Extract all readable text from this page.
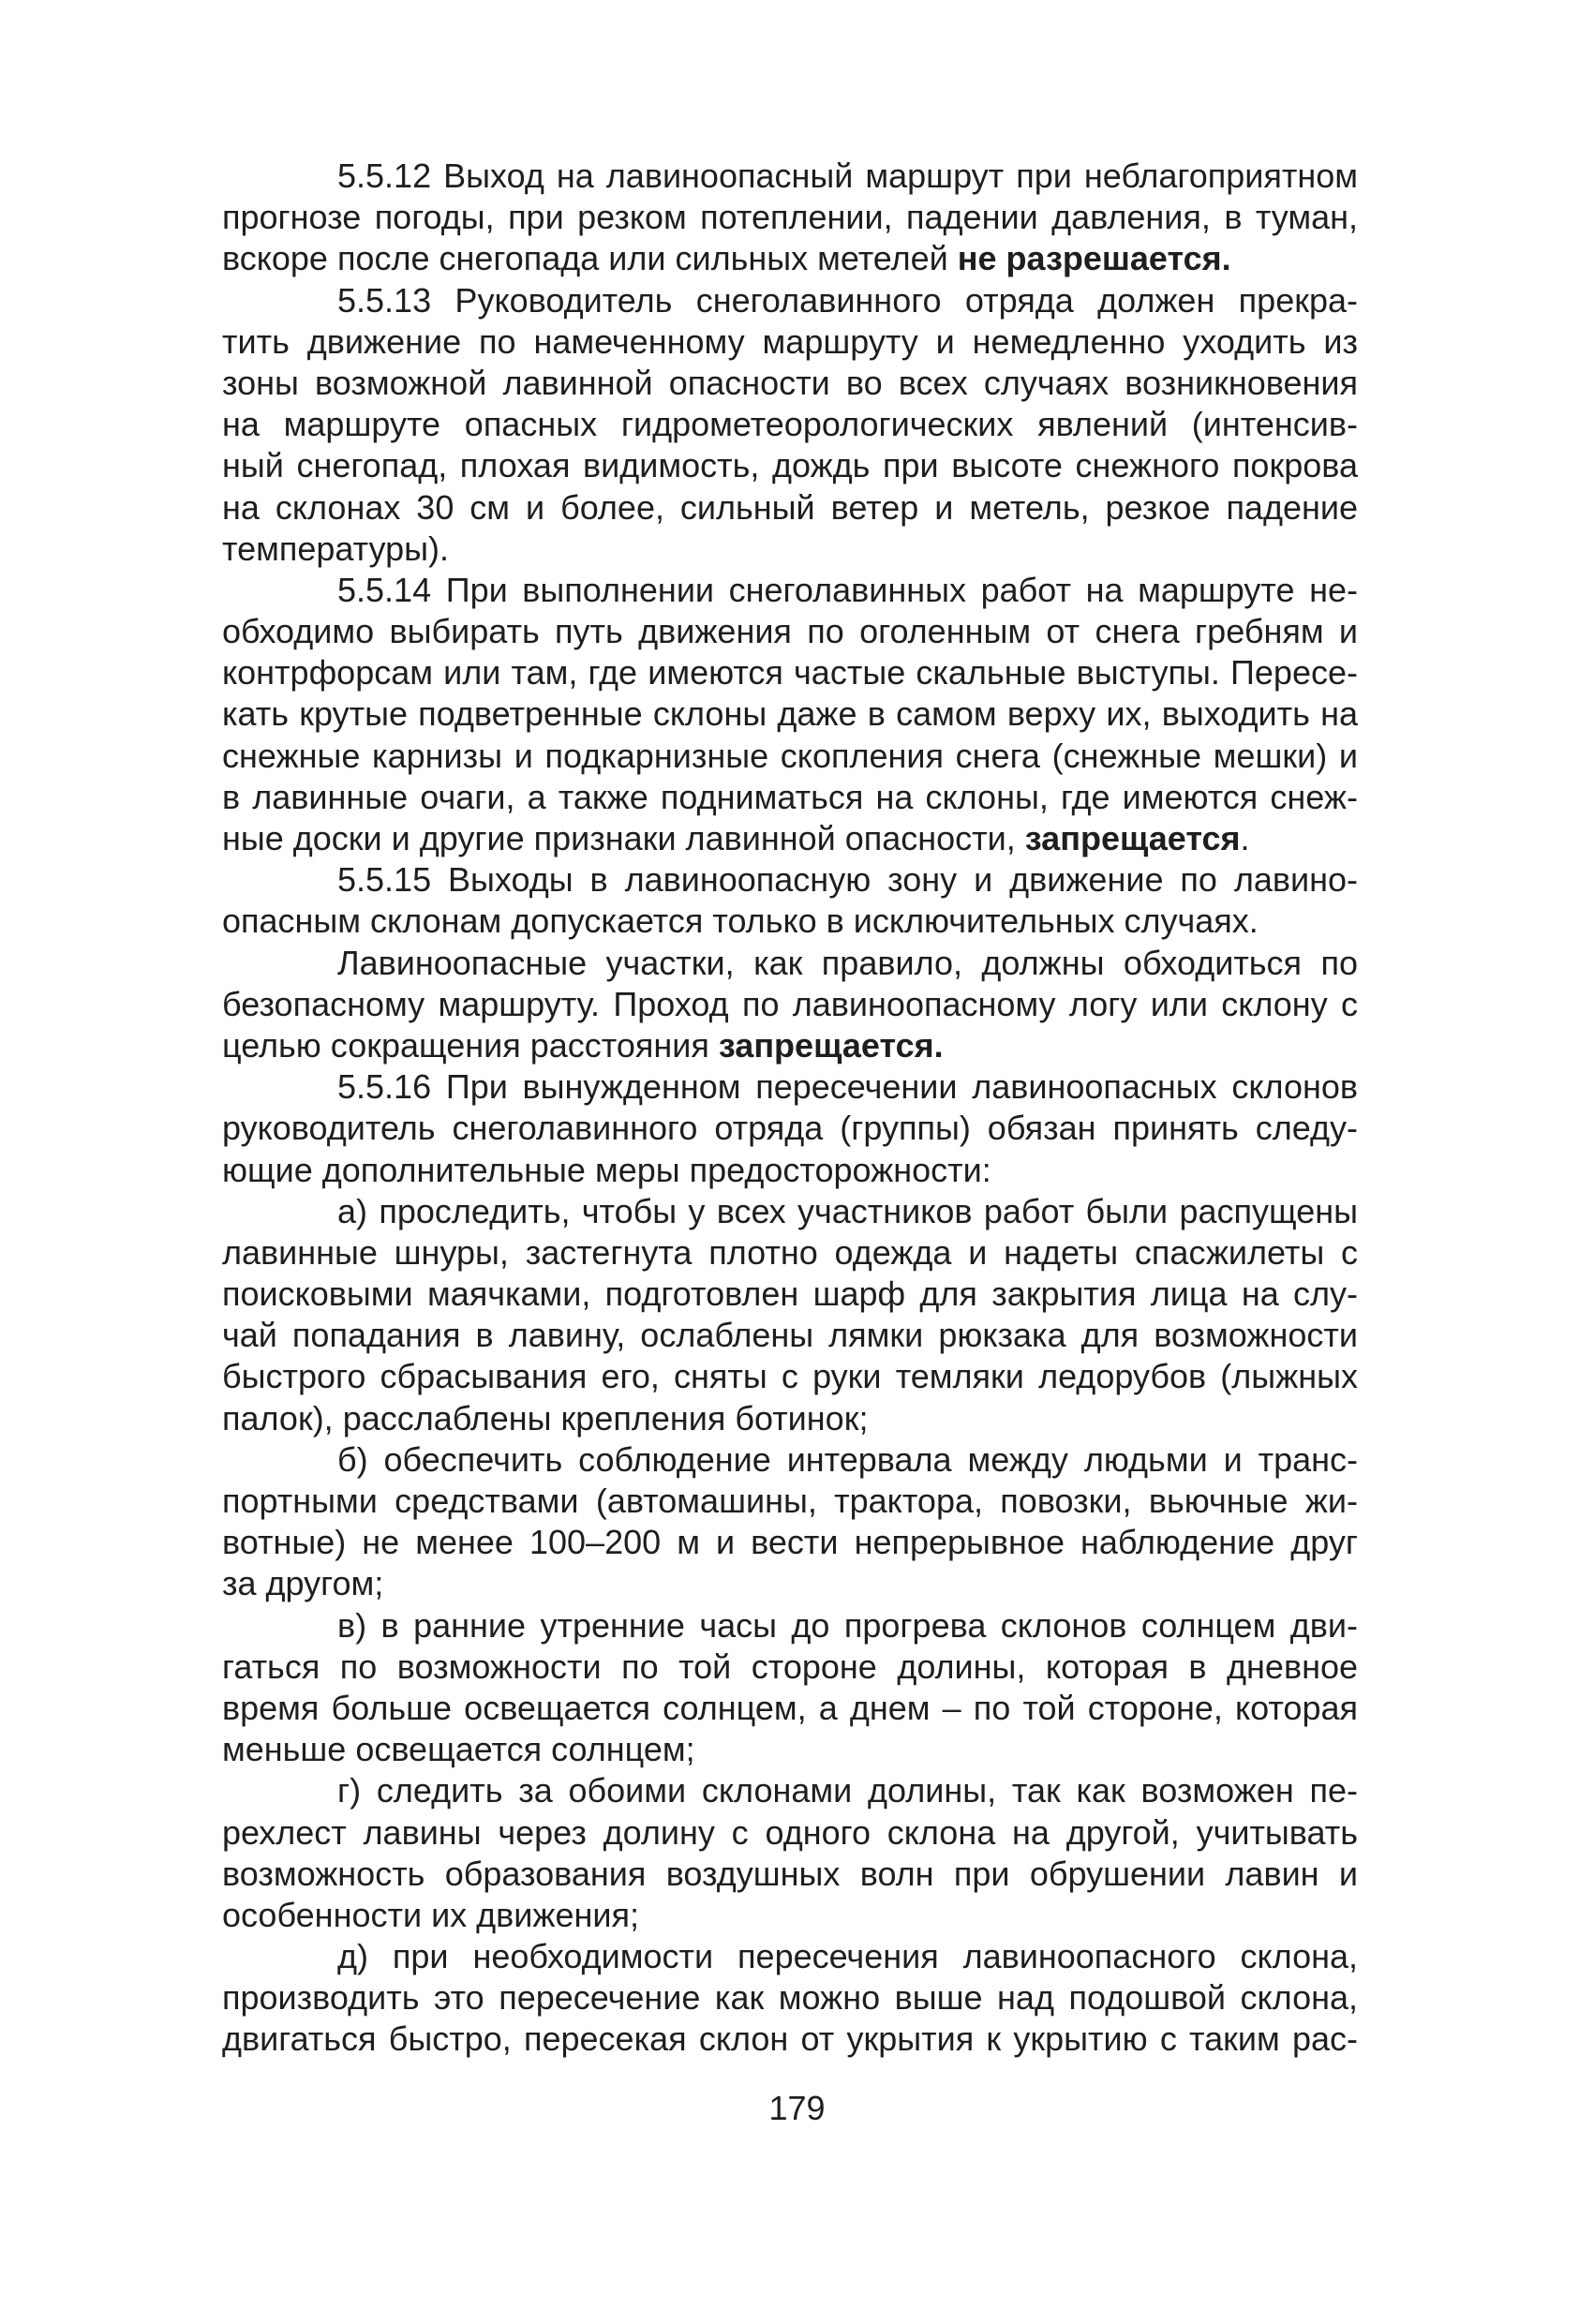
5.5.12 Выход на лавиноопасный маршрут при неблагоприятном
прогнозе погоды, при резком потеплении, падении давления, в туман,
вскоре после снегопада или сильных метелей не разрешается.
5.5.13 Руководитель снеголавинного отряда должен прекра-
тить движение по намеченному маршруту и немедленно уходить из
зоны возможной лавинной опасности во всех случаях возникновения
на маршруте опасных гидрометеорологических явлений (интенсив-
ный снегопад, плохая видимость, дождь при высоте снежного покрова
на склонах 30 см и более, сильный ветер и метель, резкое падение
температуры).
5.5.14 При выполнении снеголавинных работ на маршруте не-
обходимо выбирать путь движения по оголенным от снега гребням и
контрфорсам или там, где имеются частые скальные выступы. Пересе-
кать крутые подветренные склоны даже в самом верху их, выходить на
снежные карнизы и подкарнизные скопления снега (снежные мешки) и
в лавинные очаги, а также подниматься на склоны, где имеются снеж-
ные доски и другие признаки лавинной опасности, запрещается.
5.5.15 Выходы в лавиноопасную зону и движение по лавино-
опасным склонам допускается только в исключительных случаях.
Лавиноопасные участки, как правило, должны обходиться по
безопасному маршруту. Проход по лавиноопасному логу или склону с
целью сокращения расстояния запрещается.
5.5.16 При вынужденном пересечении лавиноопасных склонов
руководитель снеголавинного отряда (группы) обязан принять следу-
ющие дополнительные меры предосторожности:
а) проследить, чтобы у всех участников работ были распущены
лавинные шнуры, застегнута плотно одежда и надеты спасжилеты с
поисковыми маячками, подготовлен шарф для закрытия лица на слу-
чай попадания в лавину, ослаблены лямки рюкзака для возможности
быстрого сбрасывания его, сняты с руки темляки ледорубов (лыжных
палок), расслаблены крепления ботинок;
б) обеспечить соблюдение интервала между людьми и транс-
портными средствами (автомашины, трактора, повозки, вьючные жи-
вотные) не менее 100–200 м и вести непрерывное наблюдение друг
за другом;
в) в ранние утренние часы до прогрева склонов солнцем дви-
гаться по возможности по той стороне долины, которая в дневное
время больше освещается солнцем, а днем – по той стороне, которая
меньше освещается солнцем;
г) следить за обоими склонами долины, так как возможен пе-
рехлест лавины через долину с одного склона на другой, учитывать
возможность образования воздушных волн при обрушении лавин и
особенности их движения;
д) при необходимости пересечения лавиноопасного склона,
производить это пересечение как можно выше над подошвой склона,
двигаться быстро, пересекая склон от укрытия к укрытию с таким рас-
179
